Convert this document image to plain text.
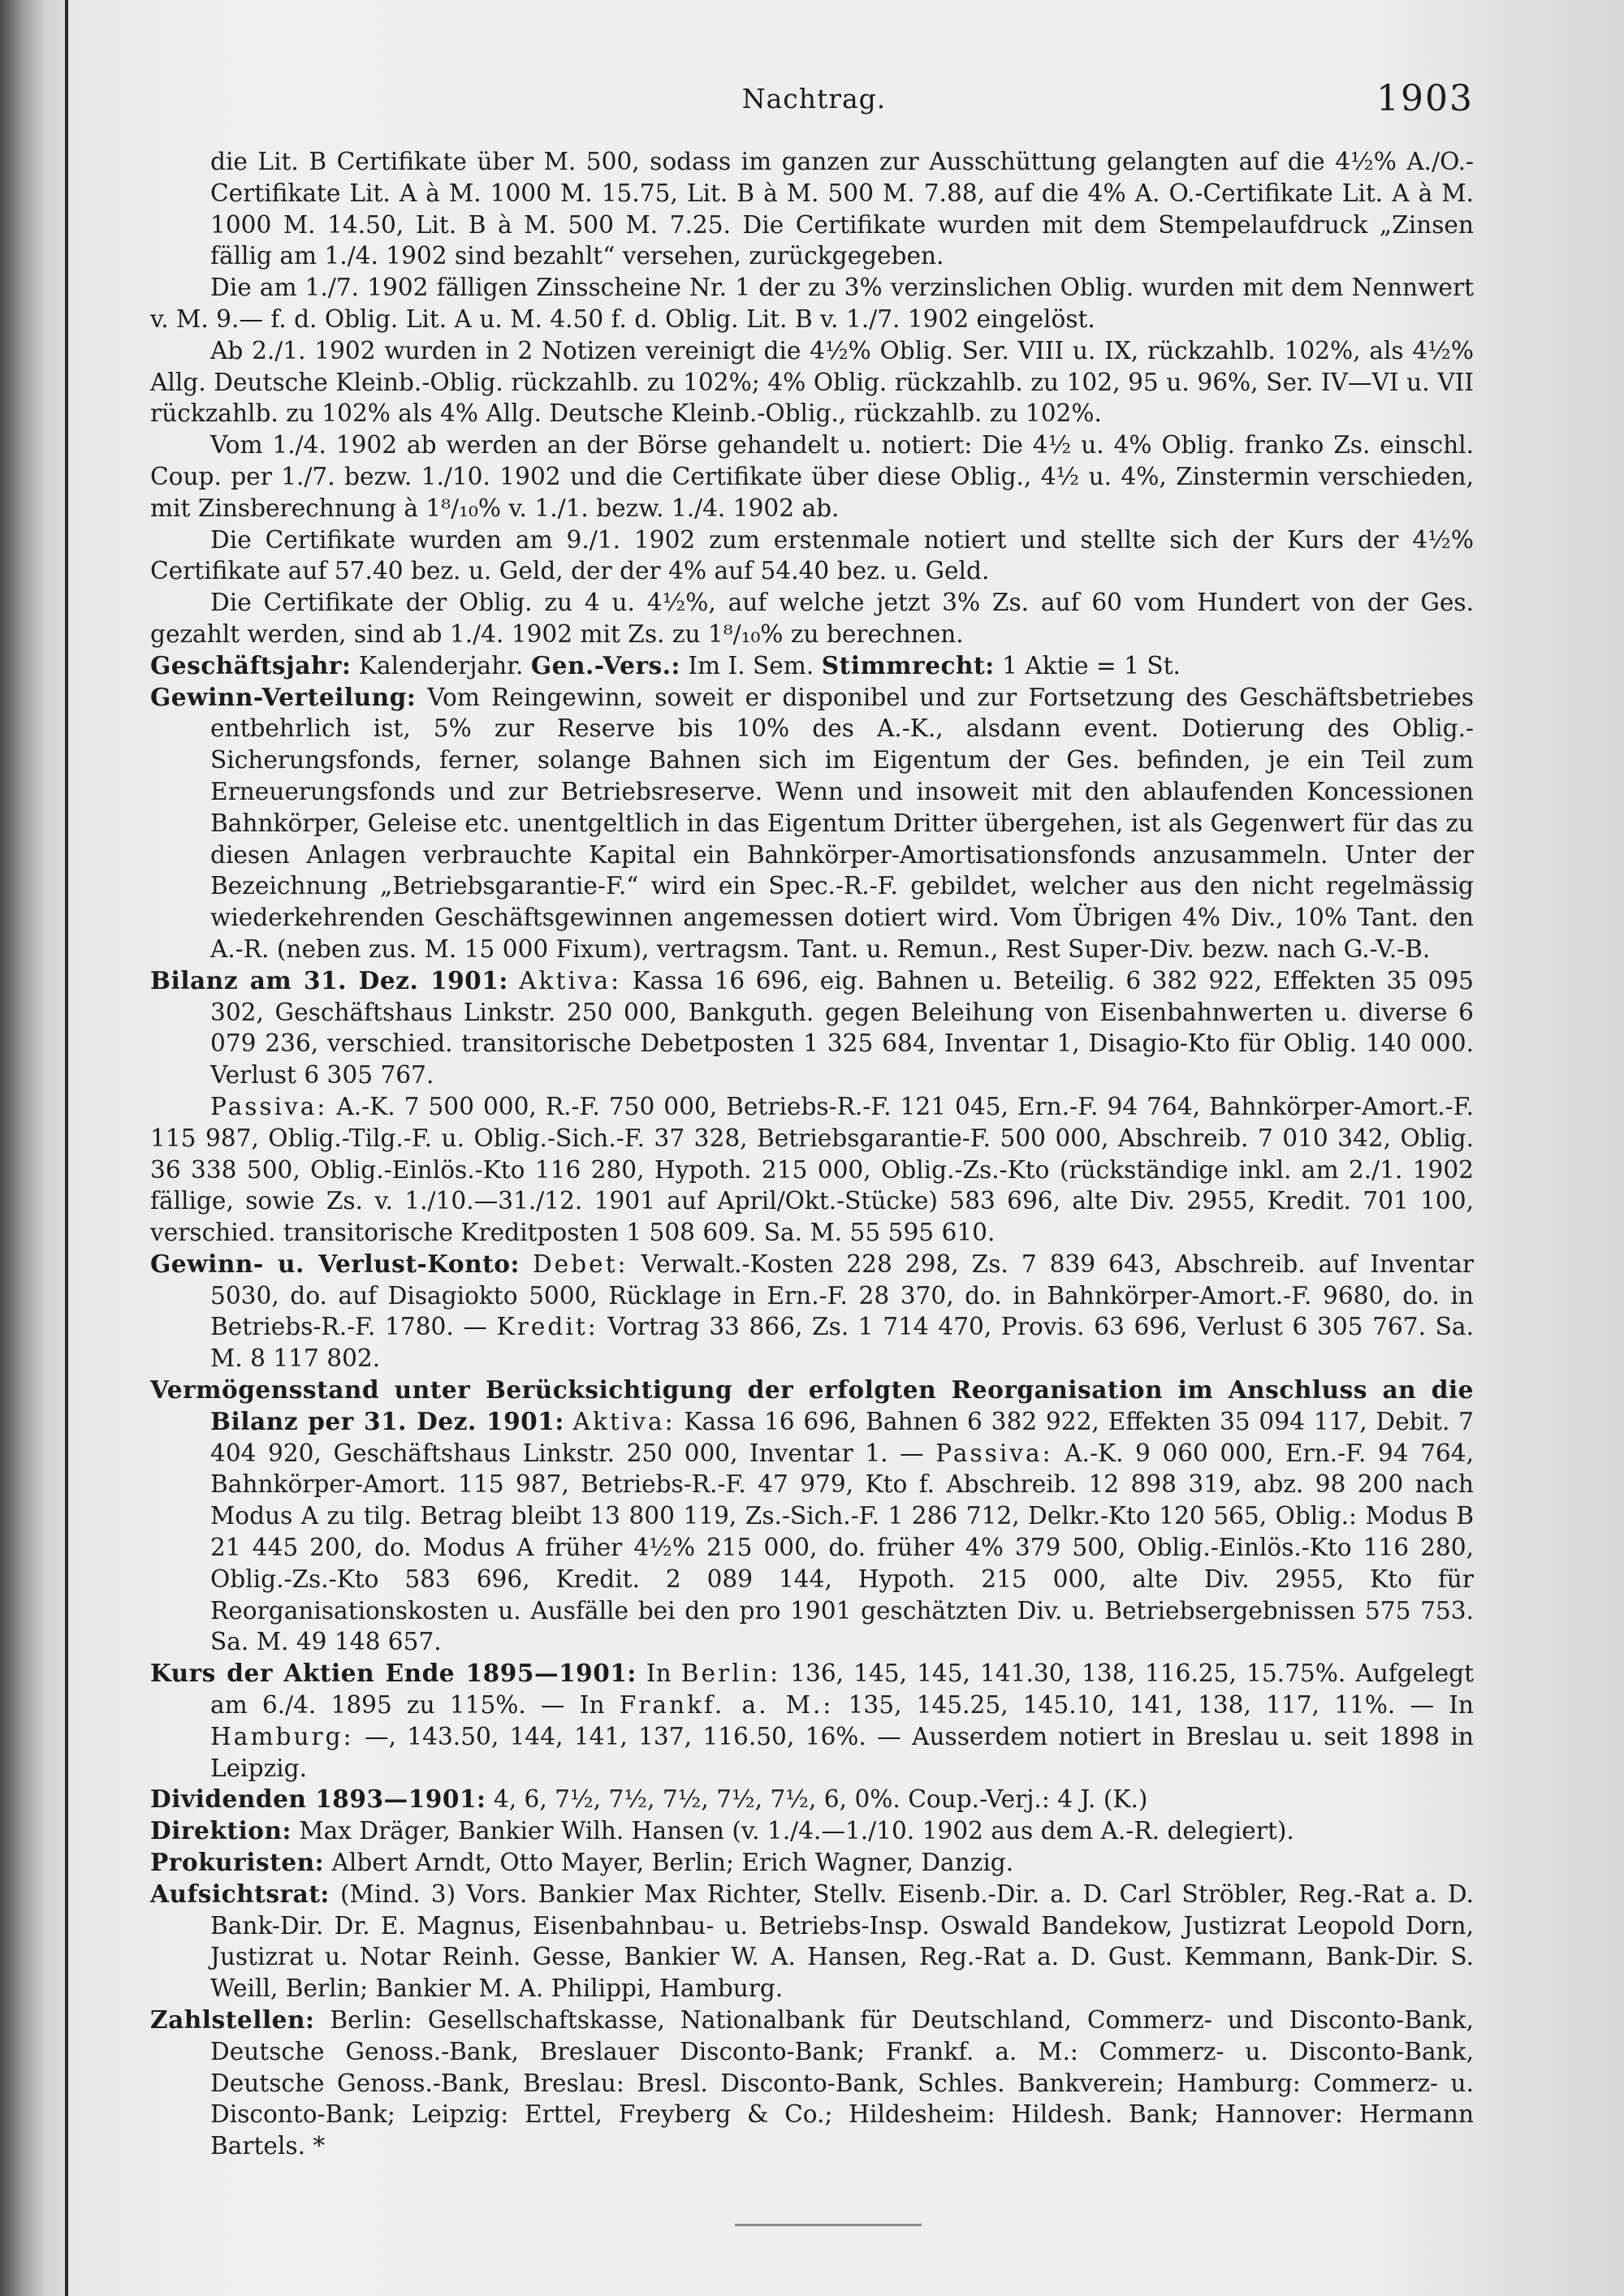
Nachtrag.	1903

die Lit. B Certifikate über M. 500, sodass im ganzen zur Ausschüttung gelangten auf die 4½% A./O.-Certifikate Lit. A à M. 1000 M. 15.75, Lit. B à M. 500 M. 7.88, auf die 4% A. O.-Certifikate Lit. A à M. 1000 M. 14.50, Lit. B à M. 500 M. 7.25. Die Certifikate wurden mit dem Stempelaufdruck „Zinsen fällig am 1./4. 1902 sind bezahlt“ versehen, zurückgegeben.

Die am 1./7. 1902 fälligen Zinsscheine Nr. 1 der zu 3% verzinslichen Oblig. wurden mit dem Nennwert v. M. 9.— f. d. Oblig. Lit. A u. M. 4.50 f. d. Oblig. Lit. B v. 1./7. 1902 eingelöst.

Ab 2./1. 1902 wurden in 2 Notizen vereinigt die 4½% Oblig. Ser. VIII u. IX, rückzahlb. 102%, als 4½% Allg. Deutsche Kleinb.-Oblig. rückzahlb. zu 102%; 4% Oblig. rückzahlb. zu 102, 95 u. 96%, Ser. IV—VI u. VII rückzahlb. zu 102% als 4% Allg. Deutsche Kleinb.-Oblig., rückzahlb. zu 102%.

Vom 1./4. 1902 ab werden an der Börse gehandelt u. notiert: Die 4½ u. 4% Oblig. franko Zs. einschl. Coup. per 1./7. bezw. 1./10. 1902 und die Certifikate über diese Oblig., 4½ u. 4%, Zinstermin verschieden, mit Zinsberechnung à 1⁸/₁₀% v. 1./1. bezw. 1./4. 1902 ab.

Die Certifikate wurden am 9./1. 1902 zum erstenmale notiert und stellte sich der Kurs der 4½% Certifikate auf 57.40 bez. u. Geld, der der 4% auf 54.40 bez. u. Geld.

Die Certifikate der Oblig. zu 4 u. 4½%, auf welche jetzt 3% Zs. auf 60 vom Hundert von der Ges. gezahlt werden, sind ab 1./4. 1902 mit Zs. zu 1⁸/₁₀% zu berechnen.

Geschäftsjahr: Kalenderjahr. Gen.-Vers.: Im I. Sem. Stimmrecht: 1 Aktie = 1 St.

Gewinn-Verteilung: Vom Reingewinn, soweit er disponibel und zur Fortsetzung des Geschäftsbetriebes entbehrlich ist, 5% zur Reserve bis 10% des A.-K., alsdann event. Dotierung des Oblig.-Sicherungsfonds, ferner, solange Bahnen sich im Eigentum der Ges. befinden, je ein Teil zum Erneuerungsfonds und zur Betriebsreserve. Wenn und insoweit mit den ablaufenden Koncessionen Bahnkörper, Geleise etc. unentgeltlich in das Eigentum Dritter übergehen, ist als Gegenwert für das zu diesen Anlagen verbrauchte Kapital ein Bahnkörper-Amortisationsfonds anzusammeln. Unter der Bezeichnung „Betriebsgarantie-F.“ wird ein Spec.-R.-F. gebildet, welcher aus den nicht regelmässig wiederkehrenden Geschäftsgewinnen angemessen dotiert wird. Vom Übrigen 4% Div., 10% Tant. den A.-R. (neben zus. M. 15 000 Fixum), vertragsm. Tant. u. Remun., Rest Super-Div. bezw. nach G.-V.-B.

Bilanz am 31. Dez. 1901: Aktiva: Kassa 16 696, eig. Bahnen u. Beteilig. 6 382 922, Effekten 35 095 302, Geschäftshaus Linkstr. 250 000, Bankguth. gegen Beleihung von Eisenbahnwerten u. diverse 6 079 236, verschied. transitorische Debetposten 1 325 684, Inventar 1, Disagio-Kto für Oblig. 140 000. Verlust 6 305 767.

Passiva: A.-K. 7 500 000, R.-F. 750 000, Betriebs-R.-F. 121 045, Ern.-F. 94 764, Bahnkörper-Amort.-F. 115 987, Oblig.-Tilg.-F. u. Oblig.-Sich.-F. 37 328, Betriebsgarantie-F. 500 000, Abschreib. 7 010 342, Oblig. 36 338 500, Oblig.-Einlös.-Kto 116 280, Hypoth. 215 000, Oblig.-Zs.-Kto (rückständige inkl. am 2./1. 1902 fällige, sowie Zs. v. 1./10.—31./12. 1901 auf April/Okt.-Stücke) 583 696, alte Div. 2955, Kredit. 701 100, verschied. transitorische Kreditposten 1 508 609. Sa. M. 55 595 610.

Gewinn- u. Verlust-Konto: Debet: Verwalt.-Kosten 228 298, Zs. 7 839 643, Abschreib. auf Inventar 5030, do. auf Disagiokto 5000, Rücklage in Ern.-F. 28 370, do. in Bahnkörper-Amort.-F. 9680, do. in Betriebs-R.-F. 1780. — Kredit: Vortrag 33 866, Zs. 1 714 470, Provis. 63 696, Verlust 6 305 767. Sa. M. 8 117 802.

Vermögensstand unter Berücksichtigung der erfolgten Reorganisation im Anschluss an die Bilanz per 31. Dez. 1901: Aktiva: Kassa 16 696, Bahnen 6 382 922, Effekten 35 094 117, Debit. 7 404 920, Geschäftshaus Linkstr. 250 000, Inventar 1. — Passiva: A.-K. 9 060 000, Ern.-F. 94 764, Bahnkörper-Amort. 115 987, Betriebs-R.-F. 47 979, Kto f. Abschreib. 12 898 319, abz. 98 200 nach Modus A zu tilg. Betrag bleibt 13 800 119, Zs.-Sich.-F. 1 286 712, Delkr.-Kto 120 565, Oblig.: Modus B 21 445 200, do. Modus A früher 4½% 215 000, do. früher 4% 379 500, Oblig.-Einlös.-Kto 116 280, Oblig.-Zs.-Kto 583 696, Kredit. 2 089 144, Hypoth. 215 000, alte Div. 2955, Kto für Reorganisationskosten u. Ausfälle bei den pro 1901 geschätzten Div. u. Betriebsergebnissen 575 753. Sa. M. 49 148 657.

Kurs der Aktien Ende 1895—1901: In Berlin: 136, 145, 145, 141.30, 138, 116.25, 15.75%. Aufgelegt am 6./4. 1895 zu 115%. — In Frankf. a. M.: 135, 145.25, 145.10, 141, 138, 117, 11%. — In Hamburg: —, 143.50, 144, 141, 137, 116.50, 16%. — Ausserdem notiert in Breslau u. seit 1898 in Leipzig.

Dividenden 1893—1901: 4, 6, 7½, 7½, 7½, 7½, 7½, 6, 0%. Coup.-Verj.: 4 J. (K.)

Direktion: Max Dräger, Bankier Wilh. Hansen (v. 1./4.—1./10. 1902 aus dem A.-R. delegiert).

Prokuristen: Albert Arndt, Otto Mayer, Berlin; Erich Wagner, Danzig.

Aufsichtsrat: (Mind. 3) Vors. Bankier Max Richter, Stellv. Eisenb.-Dir. a. D. Carl Ströbler, Reg.-Rat a. D. Bank-Dir. Dr. E. Magnus, Eisenbahnbau- u. Betriebs-Insp. Oswald Bandekow, Justizrat Leopold Dorn, Justizrat u. Notar Reinh. Gesse, Bankier W. A. Hansen, Reg.-Rat a. D. Gust. Kemmann, Bank-Dir. S. Weill, Berlin; Bankier M. A. Philippi, Hamburg.

Zahlstellen: Berlin: Gesellschaftskasse, Nationalbank für Deutschland, Commerz- und Disconto-Bank, Deutsche Genoss.-Bank, Breslauer Disconto-Bank; Frankf. a. M.: Commerz- u. Disconto-Bank, Deutsche Genoss.-Bank, Breslau: Bresl. Disconto-Bank, Schles. Bankverein; Hamburg: Commerz- u. Disconto-Bank; Leipzig: Erttel, Freyberg & Co.; Hildesheim: Hildesh. Bank; Hannover: Hermann Bartels. *
